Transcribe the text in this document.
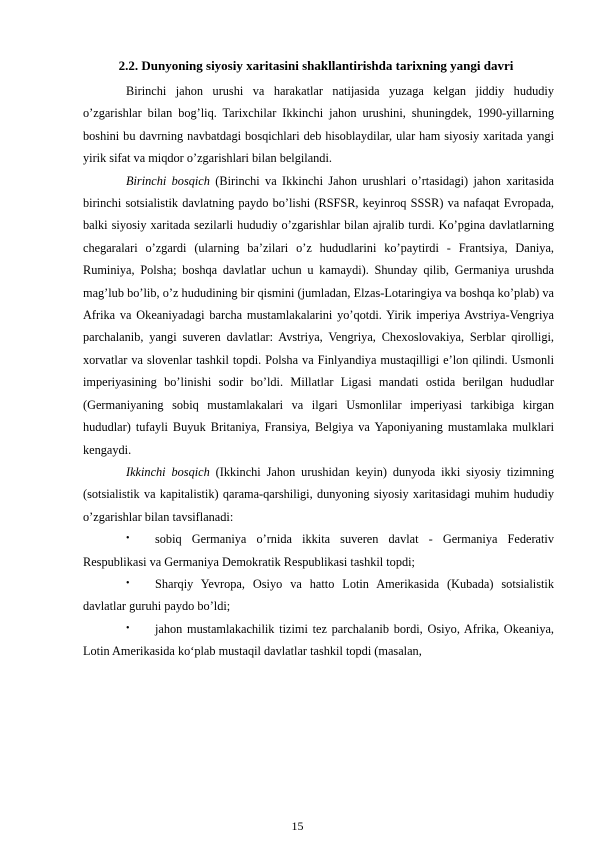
2.2. Dunyoning siyosiy xaritasini shakllantirishda tarixning yangi davri

Birinchi jahon urushi va harakatlar natijasida yuzaga kelgan jiddiy hududiy o’zgarishlar bilan bog’liq. Tarixchilar Ikkinchi jahon urushini, shuningdek, 1990-yillarning boshini bu davrning navbatdagi bosqichlari deb hisoblaydilar, ular ham siyosiy xaritada yangi yirik sifat va miqdor o’zgarishlari bilan belgilandi.

Birinchi bosqich (Birinchi va Ikkinchi Jahon urushlari o’rtasidagi) jahon xaritasida birinchi sotsialistik davlatning paydo bo’lishi (RSFSR, keyinroq SSSR) va nafaqat Evropada, balki siyosiy xaritada sezilarli hududiy o’zgarishlar bilan ajralib turdi. Ko’pgina davlatlarning chegaralari o’zgardi (ularning ba’zilari o’z hududlarini ko’paytirdi - Frantsiya, Daniya, Ruminiya, Polsha; boshqa davlatlar uchun u kamaydi). Shunday qilib, Germaniya urushda mag’lub bo’lib, o’z hududining bir qismini (jumladan, Elzas-Lotaringiya va boshqa ko’plab) va Afrika va Okeaniyadagi barcha mustamlakalarini yo’qotdi. Yirik imperiya Avstriya-Vengriya parchalanib, yangi suveren davlatlar: Avstriya, Vengriya, Chexoslovakiya, Serblar qirolligi, xorvatlar va slovenlar tashkil topdi. Polsha va Finlyandiya mustaqilligi e’lon qilindi. Usmonli imperiyasining bo’linishi sodir bo’ldi. Millatlar Ligasi mandati ostida berilgan hududlar (Germaniyaning sobiq mustamlakalari va ilgari Usmonlilar imperiyasi tarkibiga kirgan hududlar) tufayli Buyuk Britaniya, Fransiya, Belgiya va Yaponiyaning mustamlaka mulklari kengaydi.

Ikkinchi bosqich (Ikkinchi Jahon urushidan keyin) dunyoda ikki siyosiy tizimning (sotsialistik va kapitalistik) qarama-qarshiligi, dunyoning siyosiy xaritasidagi muhim hududiy o’zgarishlar bilan tavsiflanadi:

•	sobiq Germaniya o’rnida ikkita suveren davlat - Germaniya Federativ Respublikasi va Germaniya Demokratik Respublikasi tashkil topdi;

•	Sharqiy Yevropa, Osiyo va hatto Lotin Amerikasida (Kubada) sotsialistik davlatlar guruhi paydo bo’ldi;

•	jahon mustamlakachilik tizimi tez parchalanib bordi, Osiyo, Afrika, Okeaniya, Lotin Amerikasida ko‘plab mustaqil davlatlar tashkil topdi (masalan,

15
